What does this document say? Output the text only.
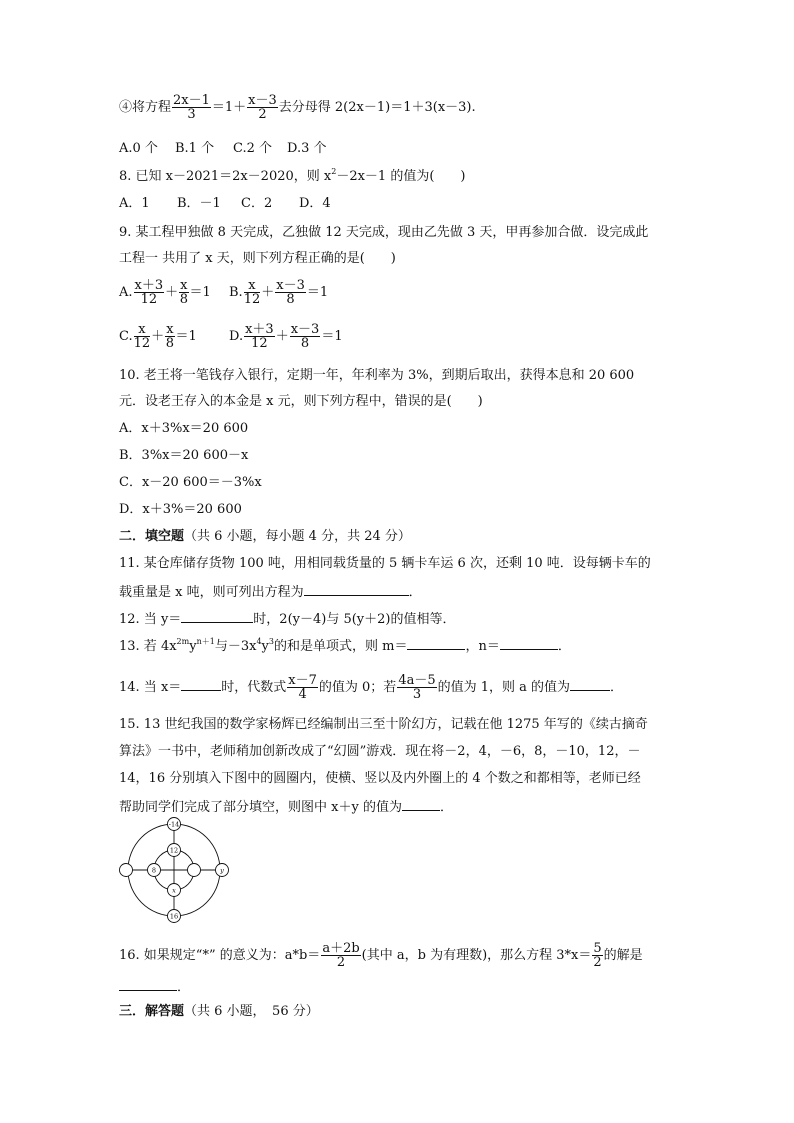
④将方程 $\frac{2x-1}{3} =1+ \frac{x-3}{2}$ 去分母得 2(2x－1)＝1＋3(x－3).
A.0 个 B.1 个 C.2 个 D.3 个
8. 已知 x－2021＝2x－2020，则 $x^2-2x-1$ 的值为(　　)
A．1 B．－1 C．2 D．4
9. 某工程甲独做 8 天完成，乙独做 12 天完成，现由乙先做 3 天，甲再参加合做．设完成此
工程一 共用了 x 天，则下列方程正确的是(　　)
A. $\frac{x+3}{12} + \frac{x}{8} =1$ B. $\frac{x}{12} + \frac{x-3}{8} =1$
C. $\frac{x}{12} + \frac{x}{8} =1$ D. $\frac{x+3}{12} + \frac{x-3}{8} =1$
10. 老王将一笔钱存入银行，定期一年，年利率为 3%，到期后取出，获得本息和 20 600
元．设老王存入的本金是 x 元，则下列方程中，错误的是(　　)
A．x＋3%x＝20 600
B．3%x＝20 600－x
C．x－20 600＝－3%x
D．x＋3%＝20 600
二．填空题（共 6 小题，每小题 4 分，共 24 分）
11. 某仓库储存货物 100 吨，用相同载货量的 5 辆卡车运 6 次，还剩 10 吨．设每辆卡车的
载重量是 x 吨，则可列出方程为	．
12. 当 y＝	时，2(y－4)与 5(y＋2)的值相等．
13. 若 $4x^{2m}y^{n+1}$与$-3x^4y^3$的和是单项式，则 m＝	，n＝	．
14. 当 x＝	时，代数式 $\frac{x-7}{4}$ 的值为 0；若 $\frac{4a-5}{3}$ 的值为 1，则 a 的值为	．
15. 13 世纪我国的数学家杨辉已经编制出三至十阶幻方，记载在他 1275 年写的《续古摘奇
算法》一书中，老师稍加创新改成了“幻圆”游戏．现在将－2，4，－6，8，－10，12，－
14，16 分别填入下图中的圆圈内，使横、竖以及内外圈上的 4 个数之和都相等，老师已经
帮助同学们完成了部分填空，则图中 x＋y 的值为	．
-14
y
16
12
8
x
16. 如果规定“*” 的意义为：$a*b= \frac{a+2b}{2}$ (其中 a，b 为有理数)，那么方程 $3*x= \frac{5}{2}$ 的解是
．
三．解答题（共 6 小题，　56 分）
